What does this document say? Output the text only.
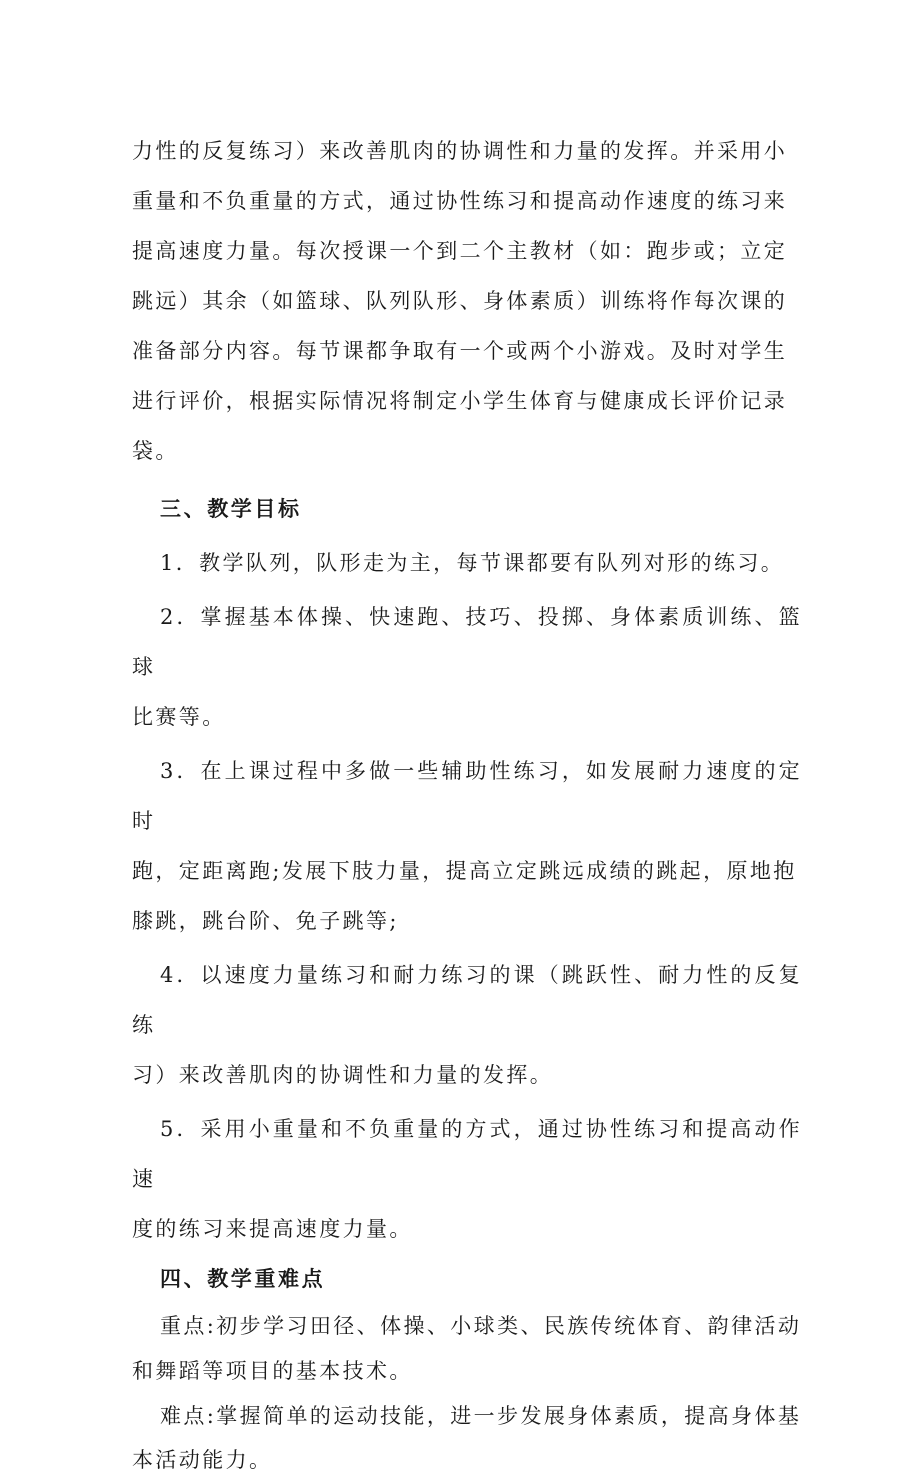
力性的反复练习）来改善肌肉的协调性和力量的发挥。并采用小

重量和不负重量的方式，通过协性练习和提高动作速度的练习来

提高速度力量。每次授课一个到二个主教材（如：跑步或；立定

跳远）其余（如篮球、队列队形、身体素质）训练将作每次课的

准备部分内容。每节课都争取有一个或两个小游戏。及时对学生

进行评价，根据实际情况将制定小学生体育与健康成长评价记录

袋。

三、教学目标

1．教学队列，队形走为主，每节课都要有队列对形的练习。

2．掌握基本体操、快速跑、技巧、投掷、身体素质训练、篮球

比赛等。

3．在上课过程中多做一些辅助性练习，如发展耐力速度的定时

跑，定距离跑;发展下肢力量，提高立定跳远成绩的跳起，原地抱

膝跳，跳台阶、免子跳等;

4．以速度力量练习和耐力练习的课（跳跃性、耐力性的反复练

习）来改善肌肉的协调性和力量的发挥。

5．采用小重量和不负重量的方式，通过协性练习和提高动作速

度的练习来提高速度力量。

四、教学重难点

重点:初步学习田径、体操、小球类、民族传统体育、韵律活动

和舞蹈等项目的基本技术。

难点:掌握简单的运动技能，进一步发展身体素质，提高身体基

本活动能力。
